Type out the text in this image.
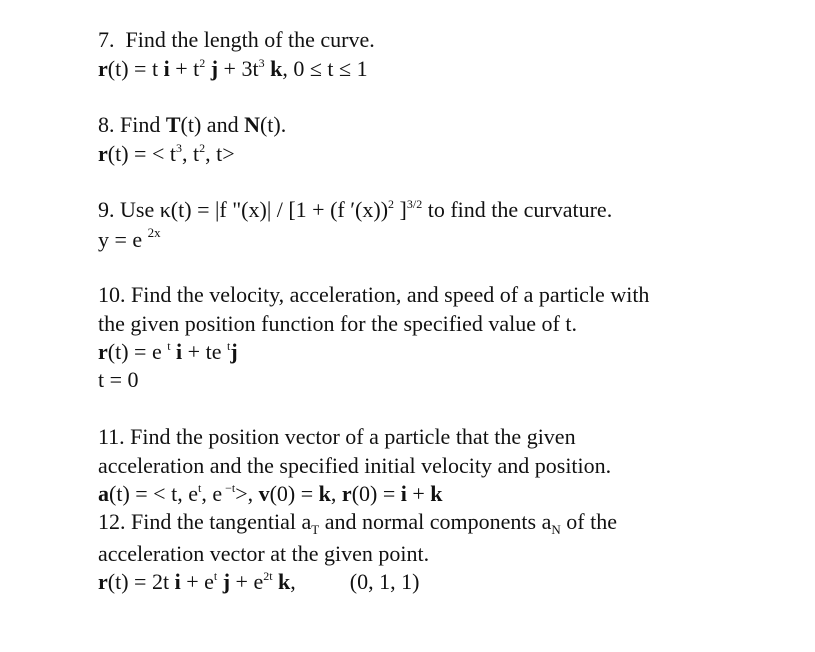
7. Find the length of the curve.
r(t) = t $i + t^2$ $j + 3t^3$ k, 0 ≤ t ≤ 1
8. Find T(t) and N(t).
r(t) = < $t^3$, $t^2$, t>
9. Use κ(t) = |f "(x)| / [1 + (f ′(x))$^2$ ]$^{3/2}$ to find the curvature.
y = e $^{2x}$
10. Find the velocity, acceleration, and speed of a particle with
the given position function for the specified value of t.
r(t) = e $^t$ i + te $^t$j
t = 0
11. Find the position vector of a particle that the given
acceleration and the specified initial velocity and position.
a(t) = < t, $e^t$, e $^{-t}$>, v(0) = k, r(0) = i + k
12. Find the tangential $a_T$ and normal components $a_N$ of the
acceleration vector at the given point.
r(t) = 2t $i + e^t$ $j + e^{2t}$ k, (0, 1, 1)
